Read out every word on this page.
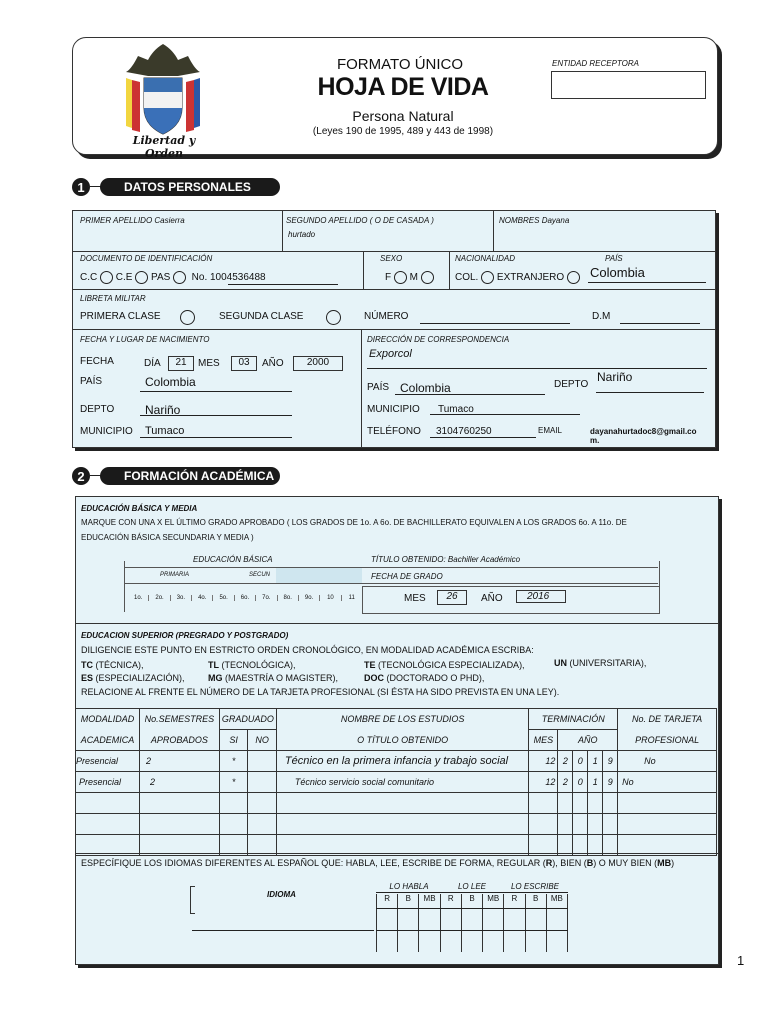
Libertad y Orden
FORMATO ÚNICO
HOJA DE VIDA
Persona Natural
(Leyes 190 de 1995, 489 y 443 de 1998)
ENTIDAD RECEPTORA
1	DATOS PERSONALES
PRIMER APELLIDO Casierra	SEGUNDO APELLIDO ( O DE CASADA )
hurtado
NOMBRES Dayana
DOCUMENTO DE IDENTIFICACIÓN
C.C C.E PAS No. 1004536488
SEXO
F M
NACIONALIDAD	PAÍS
COL. EXTRANJERO	Colombia
LIBRETA MILITAR
PRIMERA CLASE	SEGUNDA CLASE	NÚMERO	D.M
FECHA Y LUGAR DE NACIMIENTO
FECHA	DÍA	21	MES	03	AÑO	2000
PAÍS	Colombia
DEPTO	Nariño
MUNICIPIO Tumaco
DIRECCIÓN DE CORRESPONDENCIA
Exporcol
PAÍS Colombia	DEPTO
Nariño
MUNICIPIO Tumaco
TELÉFONO 3104760250	EMAIL	dayanahurtadoc8@gmail.co
m.
2	FORMACIÓN ACADÉMICA
EDUCACIÓN BÁSICA Y MEDIA
MARQUE CON UNA X EL ÚLTIMO GRADO APROBADO ( LOS GRADOS DE 1o. A 6o. DE BACHILLERATO EQUIVALEN A LOS GRADOS 6o. A 11o. DE
EDUCACIÓN BÁSICA SECUNDARIA Y MEDIA )
EDUCACIÓN BÁSICA
PRIMARIA	SECUN
1o.	2o.	3o.	4o.	5o.	6o.	7o.	8o.	9o.	10	11
TÍTULO OBTENIDO: Bachiller Académico
FECHA DE GRADO
MES	26	AÑO	2016
EDUCACION SUPERIOR (PREGRADO Y POSTGRADO)
DILIGENCIE ESTE PUNTO EN ESTRICTO ORDEN CRONOLÓGICO, EN MODALIDAD ACADÉMICA ESCRIBA:
TC (TÉCNICA),	TL (TECNOLÓGICA),	TE (TECNOLÓGICA ESPECIALIZADA),	UN (UNIVERSITARIA),
ES (ESPECIALIZACIÓN),	MG (MAESTRÍA O MAGISTER),	DOC (DOCTORADO O PHD),
RELACIONE AL FRENTE EL NÚMERO DE LA TARJETA PROFESIONAL (SI ÉSTA HA SIDO PREVISTA EN UNA LEY).
MODALIDAD	No.SEMESTRES	GRADUADO		NOMBRE DE LOS ESTUDIOS	TERMINACIÓN					No. DE TARJETA
ACADEMICA	APROBADOS	SI	NO	O TÍTULO OBTENIDO	MES	AÑO				PROFESIONAL
Presencial	2	*		Técnico en la primera infancia y trabajo social	12	2	0	1	9	No
Presencial	2	*		Técnico servicio social comunitario	12	2	0	1	9	No

ESPECÍFIQUE LOS IDIOMAS DIFERENTES AL ESPAÑOL QUE: HABLA, LEE, ESCRIBE DE FORMA, REGULAR (R), BIEN (B) O MUY BIEN (MB)
IDIOMA
LO HABLA	LO LEE	LO ESCRIBE
R	B	MB	R	B	MB	R	B	MB
1
